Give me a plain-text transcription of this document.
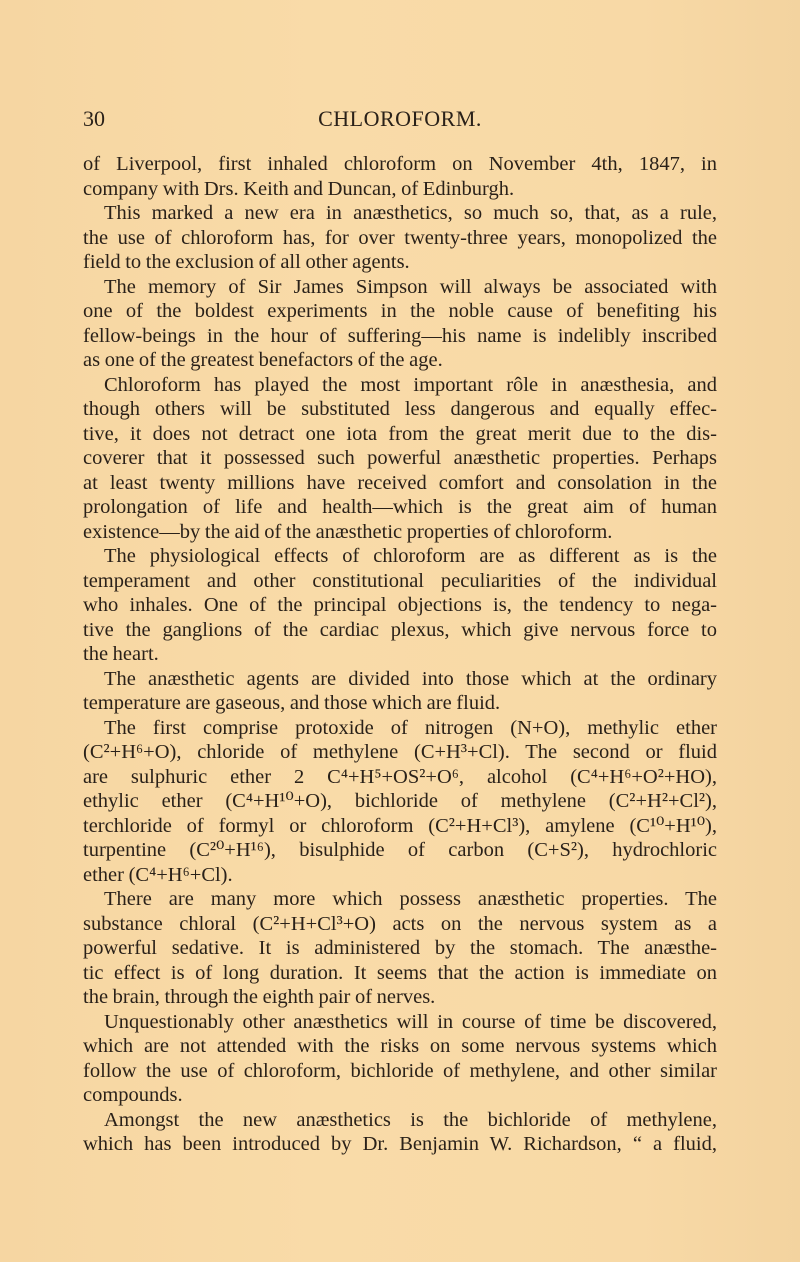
30	CHLOROFORM.
of Liverpool, first inhaled chloroform on November 4th, 1847, in
company with Drs. Keith and Duncan, of Edinburgh.
This marked a new era in anæsthetics, so much so, that, as a rule,
the use of chloroform has, for over twenty-three years, monopolized the
field to the exclusion of all other agents.
The memory of Sir James Simpson will always be associated with
one of the boldest experiments in the noble cause of benefiting his
fellow-beings in the hour of suffering—his name is indelibly inscribed
as one of the greatest benefactors of the age.
Chloroform has played the most important rôle in anæsthesia, and
though others will be substituted less dangerous and equally effec-
tive, it does not detract one iota from the great merit due to the dis-
coverer that it possessed such powerful anæsthetic properties. Perhaps
at least twenty millions have received comfort and consolation in the
prolongation of life and health—which is the great aim of human
existence—by the aid of the anæsthetic properties of chloroform.
The physiological effects of chloroform are as different as is the
temperament and other constitutional peculiarities of the individual
who inhales. One of the principal objections is, the tendency to nega-
tive the ganglions of the cardiac plexus, which give nervous force to
the heart.
The anæsthetic agents are divided into those which at the ordinary
temperature are gaseous, and those which are fluid.
The first comprise protoxide of nitrogen (N+O), methylic ether
(C²+H⁶+O), chloride of methylene (C+H³+Cl). The second or fluid
are sulphuric ether 2 C⁴+H⁵+OS²+O⁶, alcohol (C⁴+H⁶+O²+HO),
ethylic ether (C⁴+H¹⁰+O), bichloride of methylene (C²+H²+Cl²),
terchloride of formyl or chloroform (C²+H+Cl³), amylene (C¹⁰+H¹⁰),
turpentine (C²⁰+H¹⁶), bisulphide of carbon (C+S²), hydrochloric
ether (C⁴+H⁶+Cl).
There are many more which possess anæsthetic properties. The
substance chloral (C²+H+Cl³+O) acts on the nervous system as a
powerful sedative. It is administered by the stomach. The anæsthe-
tic effect is of long duration. It seems that the action is immediate on
the brain, through the eighth pair of nerves.
Unquestionably other anæsthetics will in course of time be discovered,
which are not attended with the risks on some nervous systems which
follow the use of chloroform, bichloride of methylene, and other similar
compounds.
Amongst the new anæsthetics is the bichloride of methylene,
which has been introduced by Dr. Benjamin W. Richardson, “ a fluid,
